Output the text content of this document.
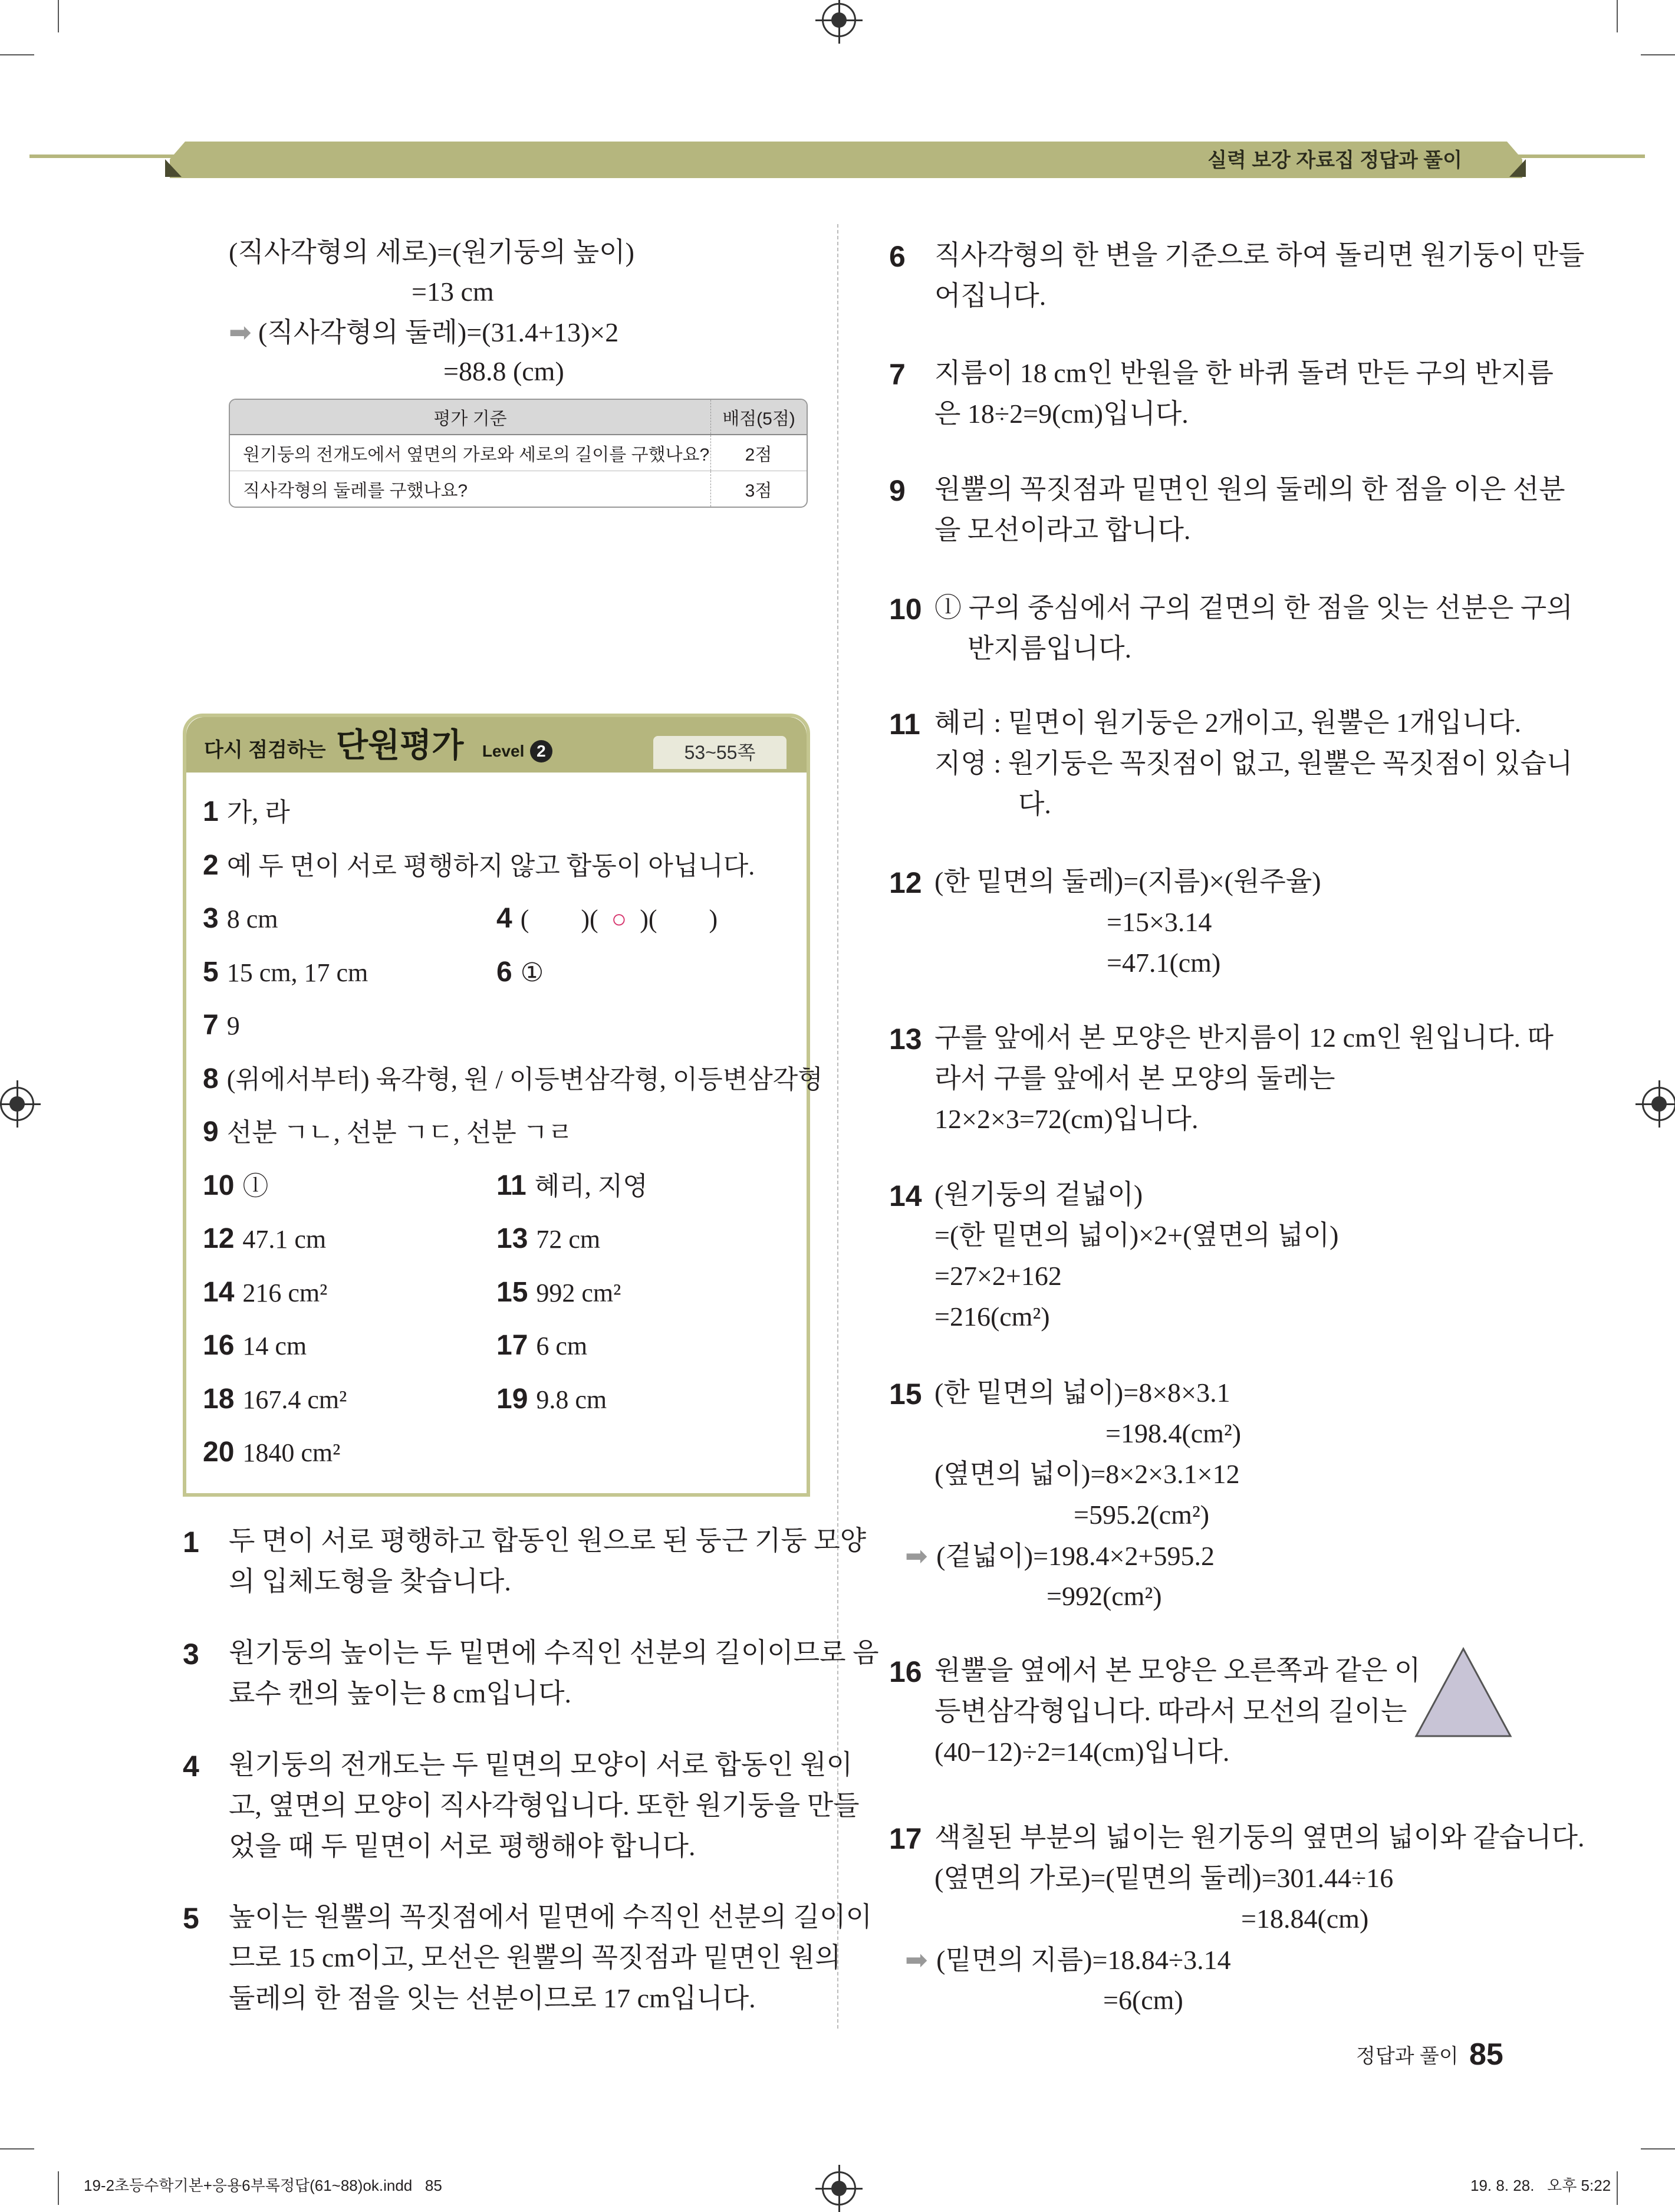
실력 보강 자료집 정답과 풀이
(직사각형의 세로)=(원기둥의 높이)
=13 cm
➡ (직사각형의 둘레)=(31.4+13)×2
=88.8 (cm)
평가 기준	배점(5점)
원기둥의 전개도에서 옆면의 가로와 세로의 길이를 구했나요?	2점
직사각형의 둘레를 구했나요?	3점
다시 점검하는 단원평가 Level 2	53~55쪽
1 가, 라
2 예 두 면이 서로 평행하지 않고 합동이 아닙니다.
3 8 cm	4 (        )(  ○  )(        )
5 15 cm, 17 cm	6 ①
7 9
8 (위에서부터) 육각형, 원 / 이등변삼각형, 이등변삼각형
9 선분 ㄱㄴ, 선분 ㄱㄷ, 선분 ㄱㄹ
10 ⓛ	11 혜리, 지영
12 47.1 cm	13 72 cm
14 216 cm²	15 992 cm²
16 14 cm	17 6 cm
18 167.4 cm²	19 9.8 cm
20 1840 cm²
1 두 면이 서로 평행하고 합동인 원으로 된 둥근 기둥 모양
의 입체도형을 찾습니다.
3 원기둥의 높이는 두 밑면에 수직인 선분의 길이이므로 음
료수 캔의 높이는 8 cm입니다.
4 원기둥의 전개도는 두 밑면의 모양이 서로 합동인 원이
고, 옆면의 모양이 직사각형입니다. 또한 원기둥을 만들
었을 때 두 밑면이 서로 평행해야 합니다.
5 높이는 원뿔의 꼭짓점에서 밑면에 수직인 선분의 길이이
므로 15 cm이고, 모선은 원뿔의 꼭짓점과 밑면인 원의
둘레의 한 점을 잇는 선분이므로 17 cm입니다.
6 직사각형의 한 변을 기준으로 하여 돌리면 원기둥이 만들
어집니다.
7 지름이 18 cm인 반원을 한 바퀴 돌려 만든 구의 반지름
은 18÷2=9(cm)입니다.
9 원뿔의 꼭짓점과 밑면인 원의 둘레의 한 점을 이은 선분
을 모선이라고 합니다.
10 ⓛ 구의 중심에서 구의 겉면의 한 점을 잇는 선분은 구의
반지름입니다.
11 혜리 : 밑면이 원기둥은 2개이고, 원뿔은 1개입니다.
지영 : 원기둥은 꼭짓점이 없고, 원뿔은 꼭짓점이 있습니
다.
12 (한 밑면의 둘레)=(지름)×(원주율)
=15×3.14
=47.1(cm)
13 구를 앞에서 본 모양은 반지름이 12 cm인 원입니다. 따
라서 구를 앞에서 본 모양의 둘레는
12×2×3=72(cm)입니다.
14 (원기둥의 겉넓이)
=(한 밑면의 넓이)×2+(옆면의 넓이)
=27×2+162
=216(cm²)
15 (한 밑면의 넓이)=8×8×3.1
=198.4(cm²)
(옆면의 넓이)=8×2×3.1×12
=595.2(cm²)
➡ (겉넓이)=198.4×2+595.2
=992(cm²)
16 원뿔을 옆에서 본 모양은 오른쪽과 같은 이
등변삼각형입니다. 따라서 모선의 길이는
(40−12)÷2=14(cm)입니다.
17 색칠된 부분의 넓이는 원기둥의 옆면의 넓이와 같습니다.
(옆면의 가로)=(밑면의 둘레)=301.44÷16
=18.84(cm)
➡ (밑면의 지름)=18.84÷3.14
=6(cm)
정답과 풀이 85
19-2초등수학기본+응용6부록정답(61~88)ok.indd   85	19. 8. 28.   오후 5:22
